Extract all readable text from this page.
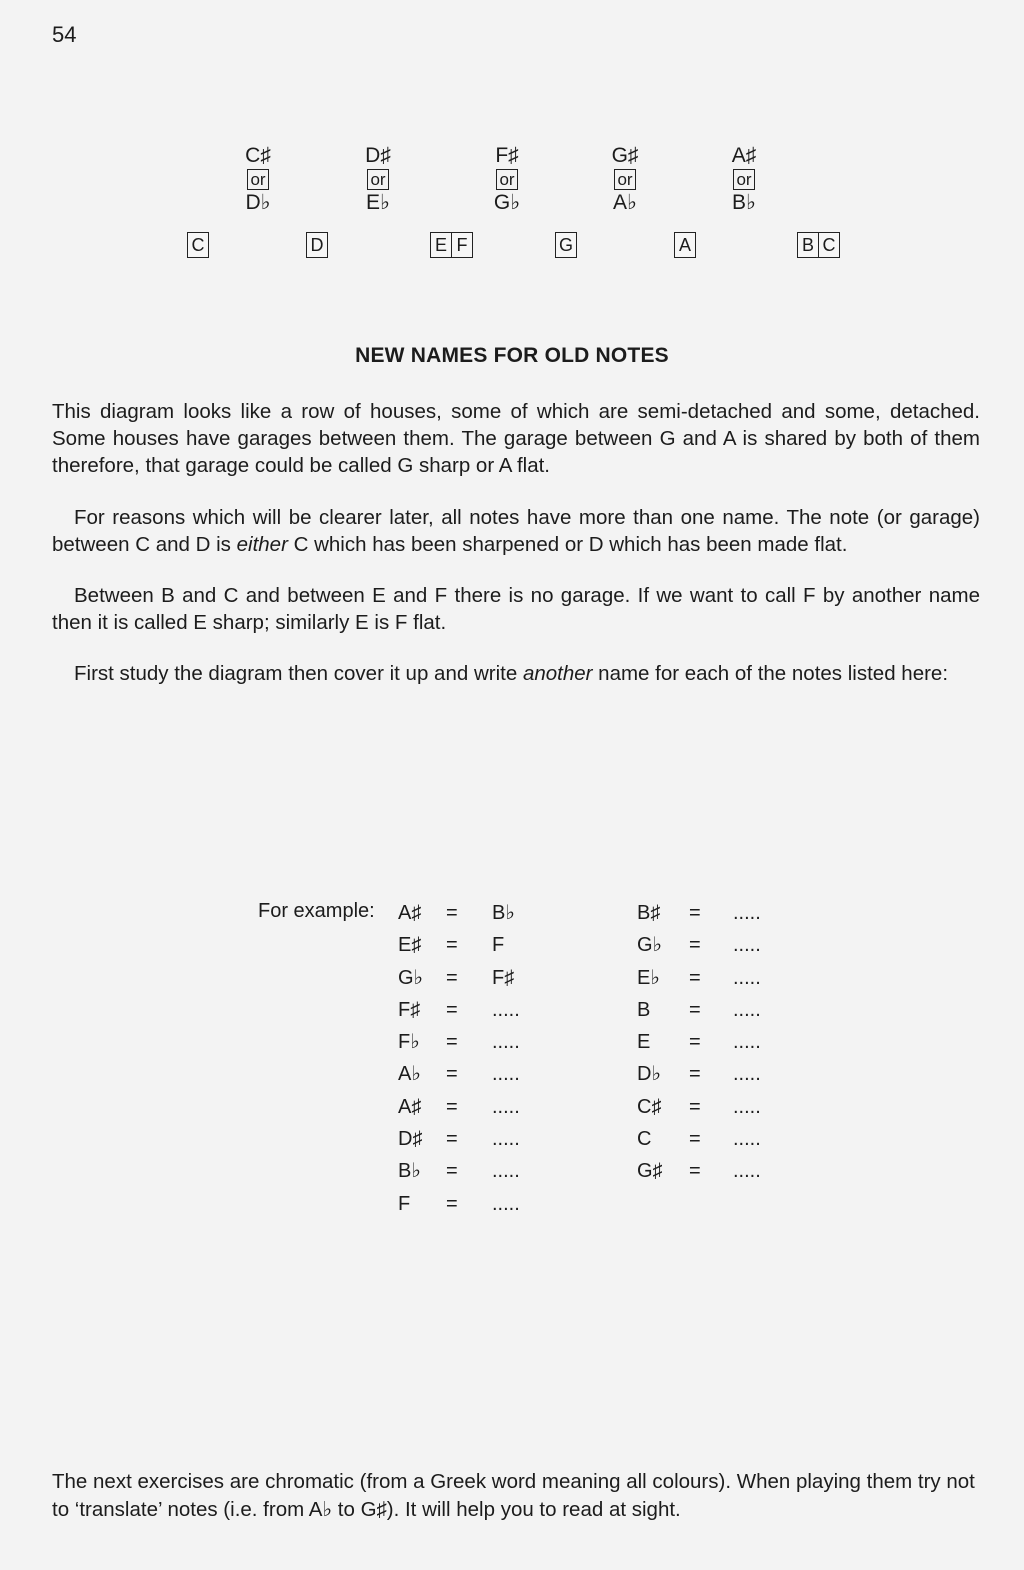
54
C♯
or
D♭
D♯
or
E♭
F♯
or
G♭
G♯
or
A♭
A♯
or
B♭
C	D	E F	G	A	B C
NEW NAMES FOR OLD NOTES
This diagram looks like a row of houses, some of which are semi-detached and some, detached. Some houses have garages between them. The garage between G and A is shared by both of them therefore, that garage could be called G sharp or A flat.
For reasons which will be clearer later, all notes have more than one name. The note (or garage) between C and D is either C which has been sharpened or D which has been made flat.
Between B and C and between E and F there is no garage. If we want to call F by another name then it is called E sharp; similarly E is F flat.
First study the diagram then cover it up and write another name for each of the notes listed here:
For example: A♯	=	B♭
E♯	=	F
G♭	=	F♯
F♯	=	.....
F♭	=	.....
A♭	=	.....
A♯	=	.....
D♯	=	.....
B♭	=	.....
F	=	.....
B♯	=	.....
G♭	=	.....
E♭	=	.....
B	=	.....
E	=	.....
D♭	=	.....
C♯	=	.....
C	=	.....
G♯	=	.....
The next exercises are chromatic (from a Greek word meaning all colours). When playing them try not to ‘translate’ notes (i.e. from A♭ to G♯). It will help you to read at sight.
